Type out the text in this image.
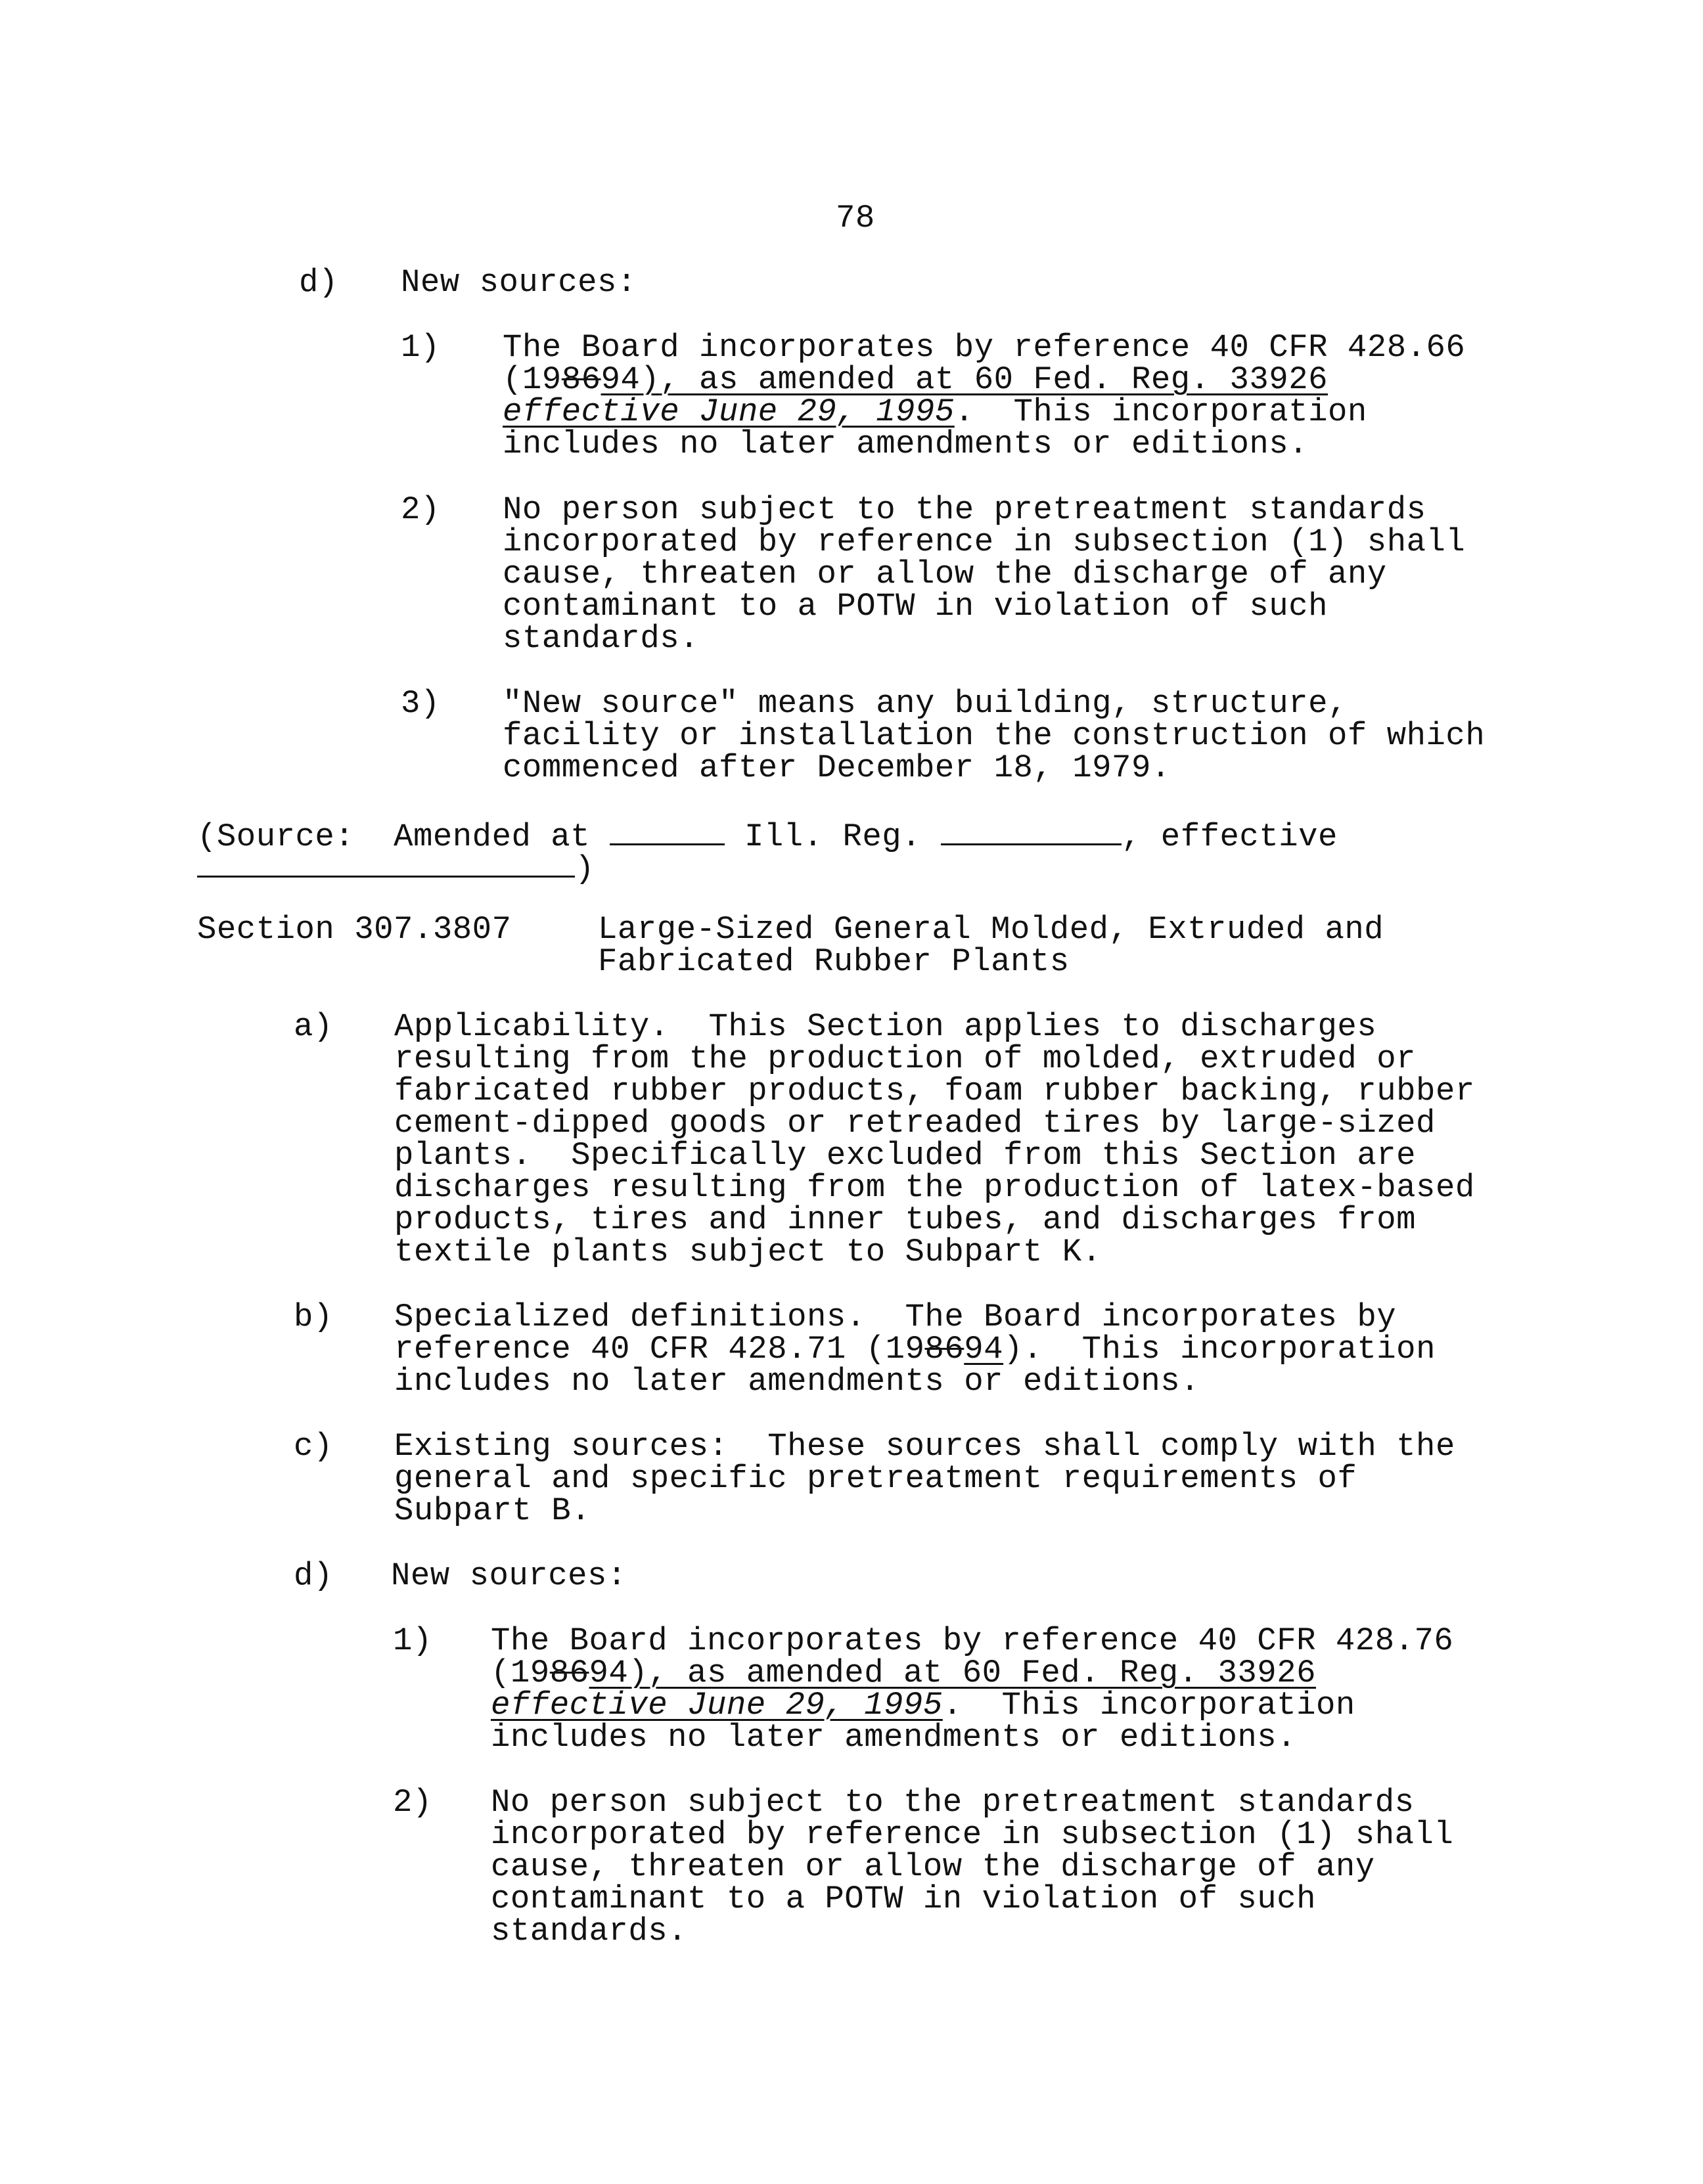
78
d) New sources:
1) The Board incorporates by reference 40 CFR 428.66
(198694), as amended at 60 Fed. Reg. 33926
effective June 29, 1995.  This incorporation
includes no later amendments or editions.
2) No person subject to the pretreatment standards
incorporated by reference in subsection (1) shall
cause, threaten or allow the discharge of any
contaminant to a POTW in violation of such
standards.
3) "New source" means any building, structure,
facility or installation the construction of which
commenced after December 18, 1979.
(Source: Amended at	Ill. Reg.	, effective
)
Section 307.3807	Large-Sized General Molded, Extruded and
Fabricated Rubber Plants
a) Applicability.  This Section applies to discharges
resulting from the production of molded, extruded or
fabricated rubber products, foam rubber backing, rubber
cement-dipped goods or retreaded tires by large-sized
plants.  Specifically excluded from this Section are
discharges resulting from the production of latex-based
products, tires and inner tubes, and discharges from
textile plants subject to Subpart K.
b) Specialized definitions.  The Board incorporates by
reference 40 CFR 428.71 (198694).  This incorporation
includes no later amendments or editions.
c) Existing sources:  These sources shall comply with the
general and specific pretreatment requirements of
Subpart B.
d) New sources:
1) The Board incorporates by reference 40 CFR 428.76
(198694), as amended at 60 Fed. Reg. 33926
effective June 29, 1995.  This incorporation
includes no later amendments or editions.
2) No person subject to the pretreatment standards
incorporated by reference in subsection (1) shall
cause, threaten or allow the discharge of any
contaminant to a POTW in violation of such
standards.
